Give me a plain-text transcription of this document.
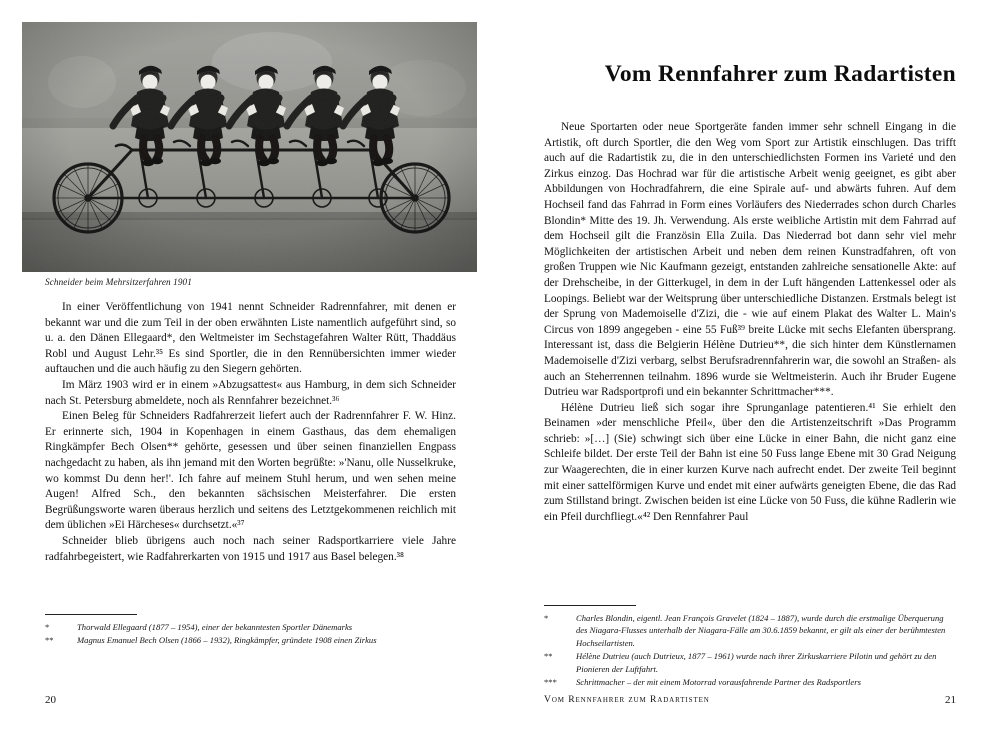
Schneider beim Mehrsitzerfahren 1901

In einer Veröffentlichung von 1941 nennt Schneider Radrennfahrer, mit denen er bekannt war und die zum Teil in der oben erwähnten Liste namentlich aufgeführt sind, so u. a. den Dänen Ellegaard*, den Weltmeister im Sechstagefahren Walter Rütt, Thaddäus Robl und August Lehr.³⁵ Es sind Sportler, die in den Rennübersichten immer wieder auftauchen und die auch häufig zu den Siegern gehörten.

Im März 1903 wird er in einem »Abzugsattest« aus Hamburg, in dem sich Schneider nach St. Petersburg abmeldete, noch als Rennfahrer bezeichnet.³⁶

Einen Beleg für Schneiders Radfahrerzeit liefert auch der Radrennfahrer F. W. Hinz. Er erinnerte sich, 1904 in Kopenhagen in einem Gasthaus, das dem ehemaligen Ringkämpfer Bech Olsen** gehörte, gesessen und über seinen finanziellen Engpass nachgedacht zu haben, als ihn jemand mit den Worten begrüßte: »'Nanu, olle Nusselkruke, wo kommst Du denn her!'. Ich fahre auf meinem Stuhl herum, und wen sehen meine Augen! Alfred Sch., den bekannten sächsischen Meisterfahrer. Die ersten Begrüßungsworte waren überaus herzlich und seitens des Letztgekommenen reichlich mit dem üblichen »Ei Härcheses« durchsetzt.«³⁷

Schneider blieb übrigens auch noch nach seiner Radsportkarriere viele Jahre radfahrbegeistert, wie Radfahrerkarten von 1915 und 1917 aus Basel belegen.³⁸

*	Thorwald Ellegaard (1877 – 1954), einer der bekanntesten Sportler Dänemarks
**	Magnus Emanuel Bech Olsen (1866 – 1932), Ringkämpfer, gründete 1908 einen Zirkus
20
Vom Rennfahrer zum Radartisten

Neue Sportarten oder neue Sportgeräte fanden immer sehr schnell Eingang in die Artistik, oft durch Sportler, die den Weg vom Sport zur Artistik einschlugen. Das trifft auch auf die Radartistik zu, die in den unterschiedlichsten Formen ins Varieté und den Zirkus einzog. Das Hochrad war für die artistische Arbeit wenig geeignet, es gibt aber Abbildungen von Hochradfahrern, die eine Spirale auf- und abwärts fuhren. Auf dem Hochseil fand das Fahrrad in Form eines Vorläufers des Niederrades schon durch Charles Blondin* Mitte des 19. Jh. Verwendung. Als erste weibliche Artistin mit dem Fahrrad auf dem Hochseil gilt die Französin Ella Zuila. Das Niederrad bot dann sehr viel mehr Möglichkeiten der artistischen Arbeit und neben dem reinen Kunstradfahren, oft von großen Truppen wie Nic Kaufmann gezeigt, entstanden zahlreiche sensationelle Akte: auf der Drehscheibe, in der Gitterkugel, in dem in der Luft hängenden Lattenkessel oder als Loopings. Beliebt war der Weitsprung über unterschiedliche Distanzen. Erstmals belegt ist der Sprung von Mademoiselle d'Zizi, die - wie auf einem Plakat des Walter L. Main's Circus von 1899 angegeben - eine 55 Fuß³⁹ breite Lücke mit sechs Elefanten übersprang. Interessant ist, dass die Belgierin Hélène Dutrieu**, die sich hinter dem Künstlernamen Mademoiselle d'Zizi verbarg, selbst Berufsradrennfahrerin war, die sowohl an Straßen- als auch an Steherrennen teilnahm. 1896 wurde sie Weltmeisterin. Auch ihr Bruder Eugene Dutrieu war Radsportprofi und ein bekannter Schrittmacher***.

Hélène Dutrieu ließ sich sogar ihre Sprunganlage patentieren.⁴¹ Sie erhielt den Beinamen »der menschliche Pfeil«, über den die Artistenzeitschrift »Das Programm schrieb: »[…] (Sie) schwingt sich über eine Lücke in einer Bahn, die nicht ganz eine Schleife bildet. Der erste Teil der Bahn ist eine 50 Fuss lange Ebene mit 30 Grad Neigung zur Waagerechten, die in einer kurzen Kurve nach aufrecht endet. Der zweite Teil beginnt mit einer sattelförmigen Kurve und endet mit einer aufwärts geneigten Ebene, die das Rad zum Stillstand bringt. Zwischen beiden ist eine Lücke von 50 Fuss, die kühne Radlerin wie ein Pfeil durchfliegt.«⁴² Den Rennfahrer Paul

*	Charles Blondin, eigentl. Jean François Gravelet (1824 – 1887), wurde durch die erstmalige Überquerung des Niagara-Flusses unterhalb der Niagara-Fälle am 30.6.1859 bekannt, er gilt als einer der berühmtesten Hochseilartisten.
**	Hélène Dutrieu (auch Dutrieux, 1877 – 1961) wurde nach ihrer Zirkuskarriere Pilotin und gehört zu den Pionieren der Luftfahrt.
***	Schrittmacher – der mit einem Motorrad vorausfahrende Partner des Radsportlers
Vom Rennfahrer zum Radartisten	21
